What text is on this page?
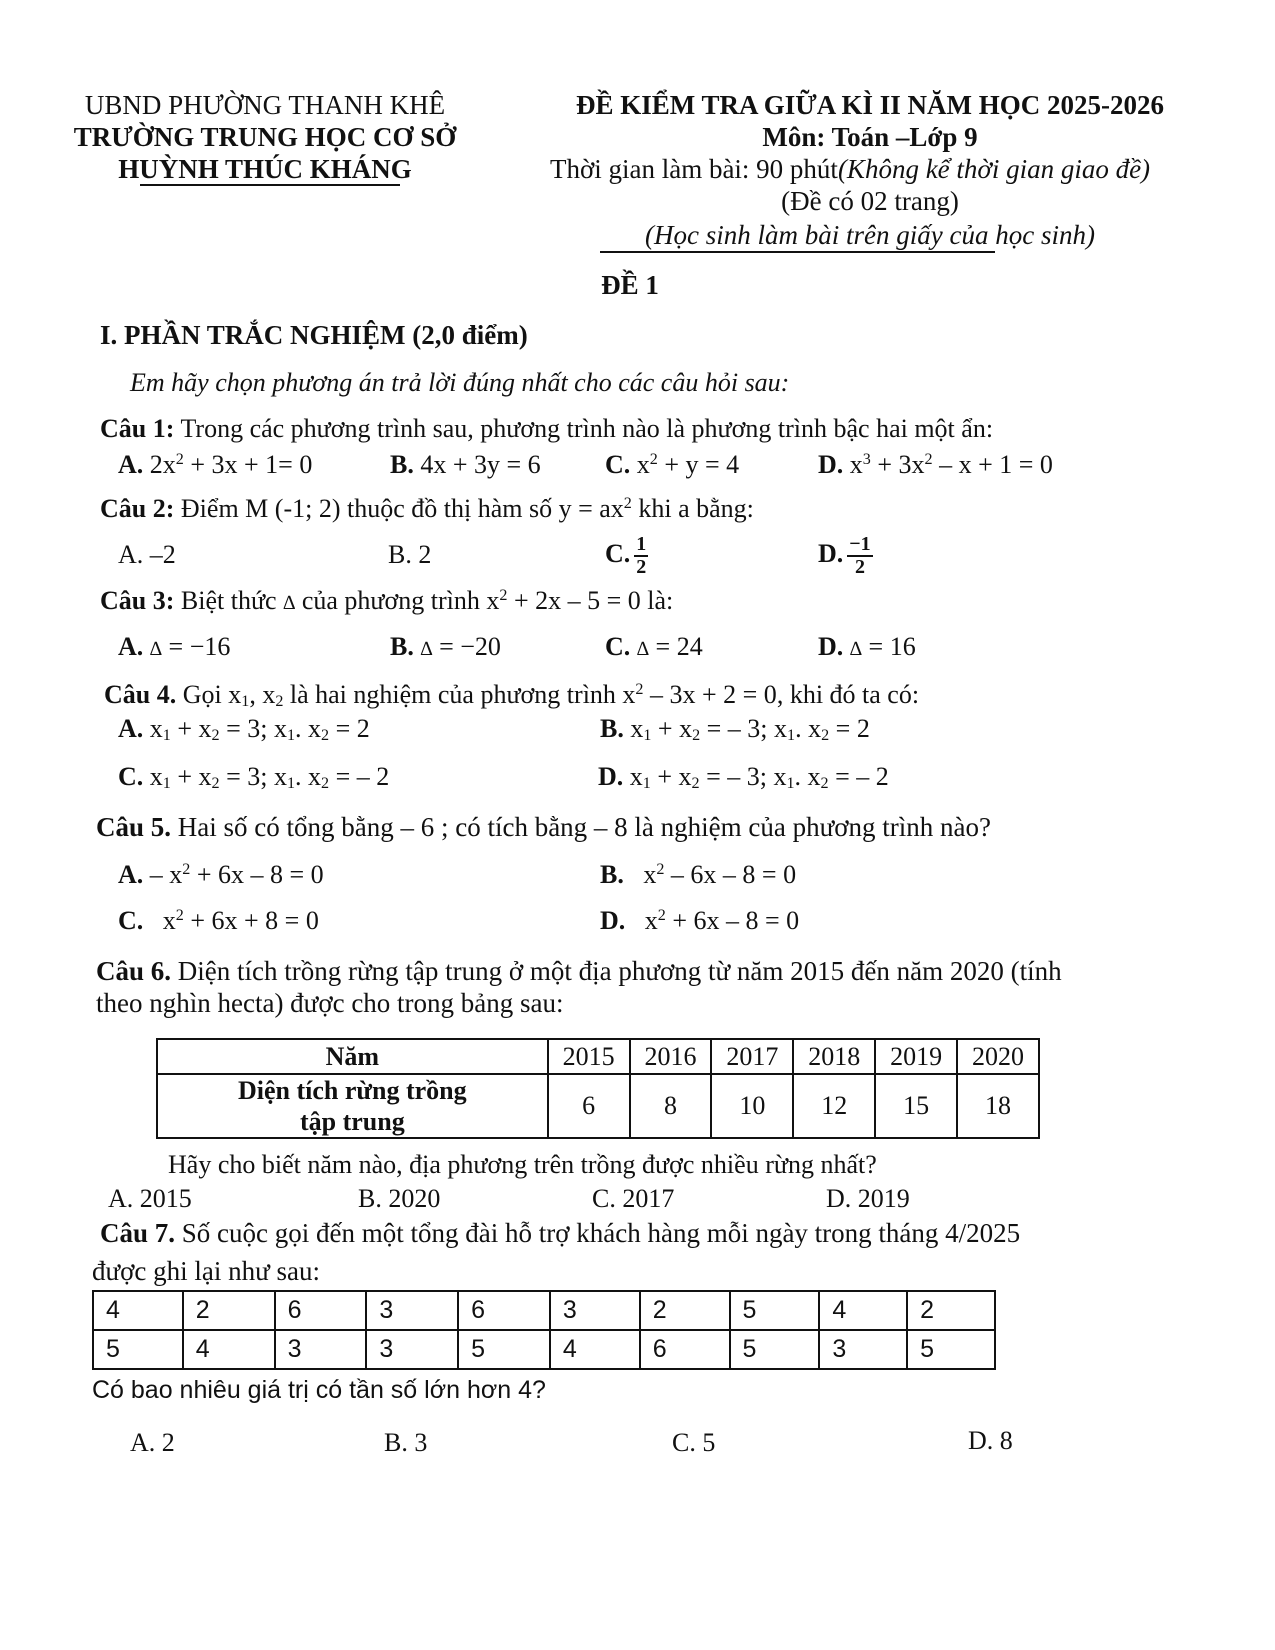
UBND PHƯỜNG THANH KHÊ
TRƯỜNG TRUNG HỌC CƠ SỞ
HUỲNH THÚC KHÁNG
ĐỀ KIỂM TRA GIỮA KÌ II NĂM HỌC 2025-2026
Môn: Toán –Lớp 9
Thời gian làm bài: 90 phút(Không kể thời gian giao đề)
(Đề có 02 trang)
(Học sinh làm bài trên giấy của học sinh)
ĐỀ 1
I. PHẦN TRẮC NGHIỆM (2,0 điểm)
Em hãy chọn phương án trả lời đúng nhất cho các câu hỏi sau:
Câu 1: Trong các phương trình sau, phương trình nào là phương trình bậc hai một ẩn:
A. $2x^2 + 3x + 1= 0$	B. 4x + 3y = 6 C. $x^2 + y = 4$	D. $x^3 + 3x^2 - x + 1 = 0$
Câu 2: Điểm M (-1; 2) thuộc đồ thị hàm số $y = ax^2$ khi a bằng:
A. –2	B. 2	C. $\frac{1}{2}$	D. $\frac{-1}{2}$
Câu 3: Biệt thức ∆ của phương trình $x^2 + 2x - 5 = 0$ là:
A. ∆ = −16	B. ∆ = −20	C. ∆ = 24	D. ∆ = 16
Câu 4. Gọi $x_1$, $x_2$ là hai nghiệm của phương trình $x^2 - 3x + 2 = 0$, khi đó ta có:
A. $x_1 + x_2 = 3$; $x_1$. $x_2 = 2$	B. $x_1 + x_2$ = – 3; $x_1$. $x_2 = 2$
C. $x_1 + x_2 = 3$; $x_1$. $x_2$ = – 2	D. $x_1 + x_2$ = – 3; $x_1$. $x_2$ = – 2
Câu 5. Hai số có tổng bằng – 6 ; có tích bằng – 8 là nghiệm của phương trình nào?
A. – $x^2 + 6x - 8 = 0$	B.   $x^2 - 6x - 8 = 0$
C.   $x^2 + 6x + 8 = 0$	D.   $x^2 + 6x - 8 = 0$
Câu 6. Diện tích trồng rừng tập trung ở một địa phương từ năm 2015 đến năm 2020 (tính
theo nghìn hecta) được cho trong bảng sau:
Năm	2015	2016	2017	2018	2019	2020
Diện tích rừng trồng
tập trung	6	8	10	12	15	18
Hãy cho biết năm nào, địa phương trên trồng được nhiều rừng nhất?
A. 2015	B. 2020	C. 2017	D. 2019
Câu 7. Số cuộc gọi đến một tổng đài hỗ trợ khách hàng mỗi ngày trong tháng 4/2025
được ghi lại như sau:
4	2	6	3	6	3	2	5	4	2
5	4	3	3	5	4	6	5	3	5
Có bao nhiêu giá trị có tần số lớn hơn 4?
A. 2	B. 3	C. 5	D. 8
